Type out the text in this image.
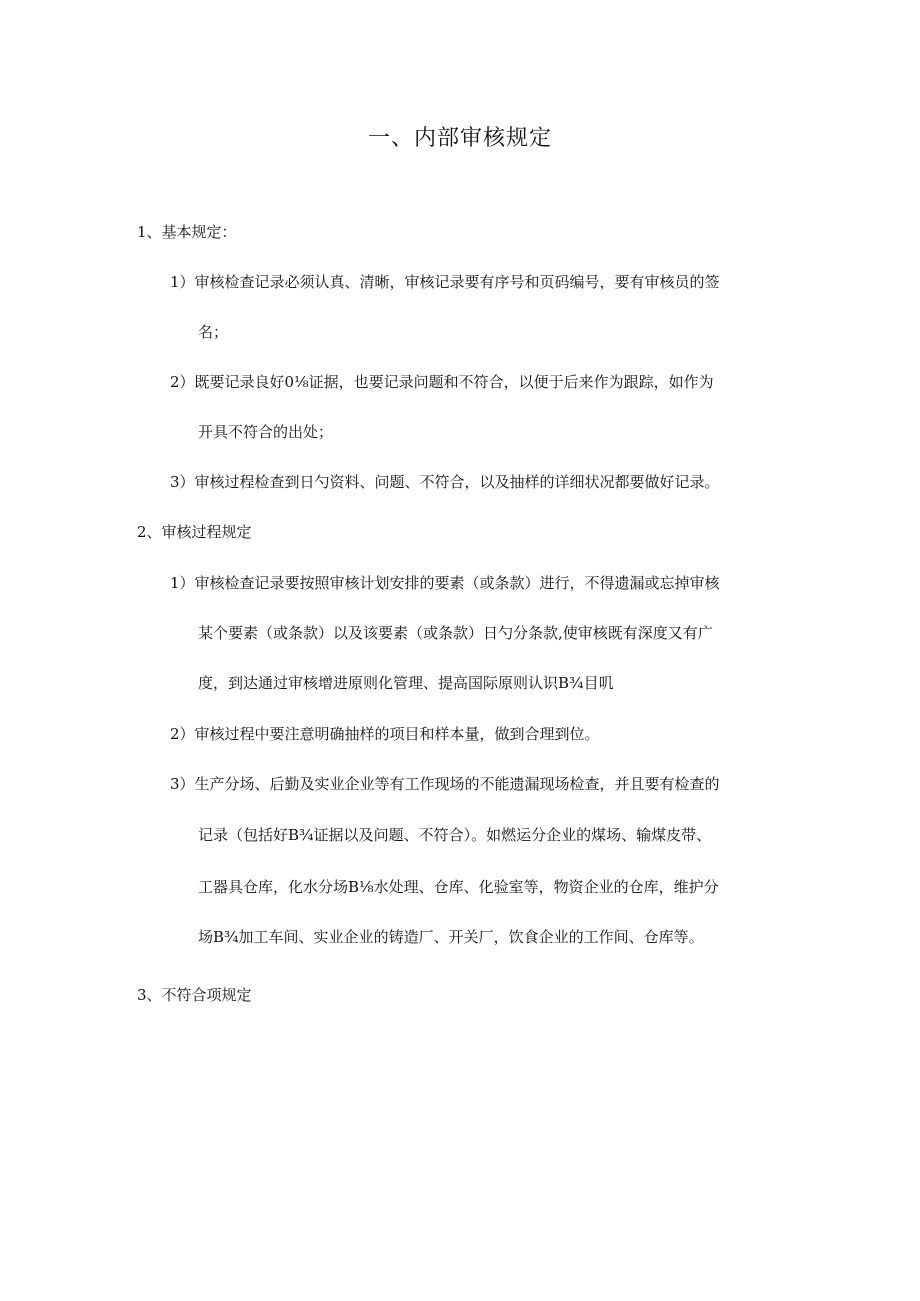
一、内部审核规定
1、基本规定：
1）审核检查记录必须认真、清晰，审核记录要有序号和页码编号，要有审核员的签
名；
2）既要记录良好0⅛证据，也要记录问题和不符合，以便于后来作为跟踪，如作为
开具不符合的出处；
3）审核过程检查到日勺资料、问题、不符合，以及抽样的详细状况都要做好记录。
2、审核过程规定
1）审核检查记录要按照审核计划安排的要素（或条款）进行，不得遗漏或忘掉审核
某个要素（或条款）以及该要素（或条款）日勺分条款,使审核既有深度又有广
度，到达通过审核增进原则化管理、提高国际原则认识B¾目叽
2）审核过程中要注意明确抽样的项目和样本量，做到合理到位。
3）生产分场、后勤及实业企业等有工作现场的不能遗漏现场检查，并且要有检查的
记录（包括好B¾证据以及问题、不符合）。如燃运分企业的煤场、输煤皮带、
工器具仓库，化水分场B⅛水处理、仓库、化验室等，物资企业的仓库，维护分
场B¾加工车间、实业企业的铸造厂、开关厂，饮食企业的工作间、仓库等。
3、不符合项规定
